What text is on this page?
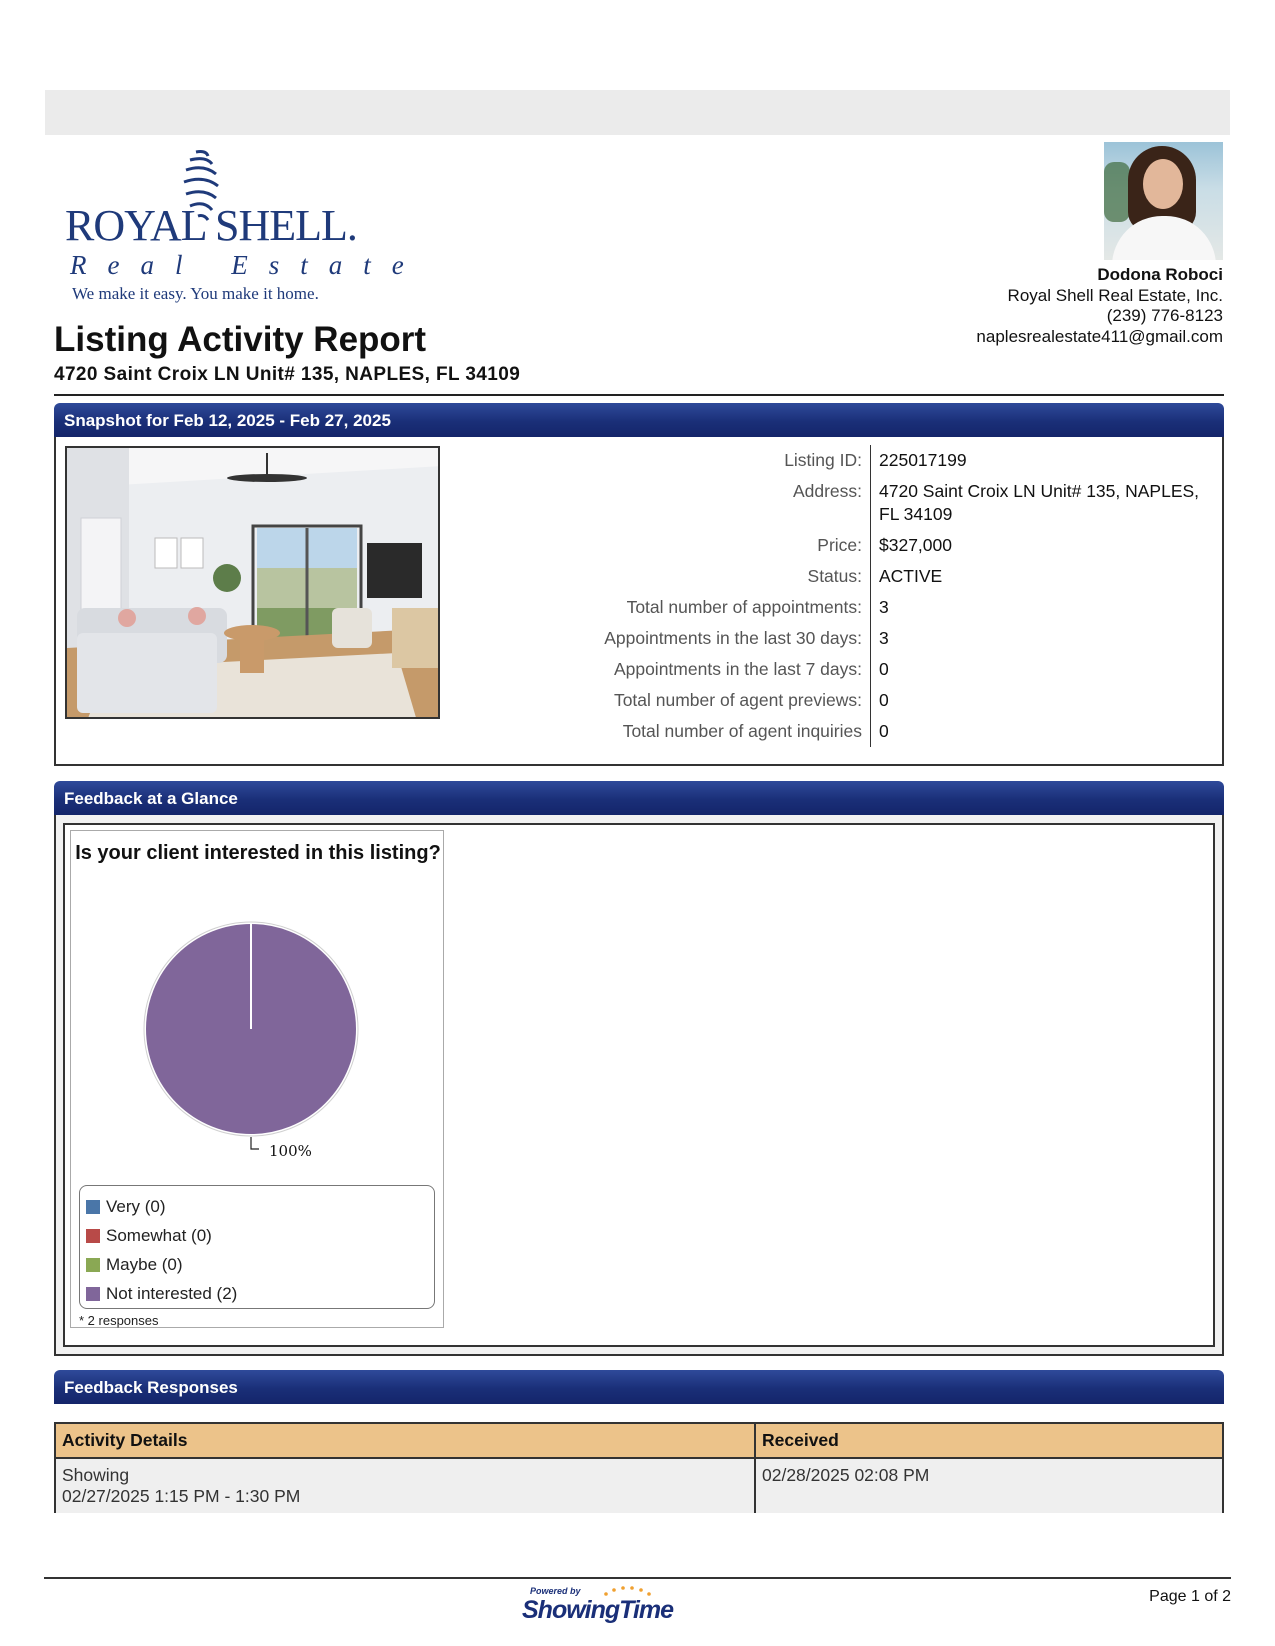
ROYAL SHELL.
Real Estate
We make it easy. You make it home.
Dodona Roboci
Royal Shell Real Estate, Inc.
(239) 776-8123
naplesrealestate411@gmail.com
Listing Activity Report
4720 Saint Croix LN Unit# 135, NAPLES, FL 34109
Snapshot for Feb 12, 2025 - Feb 27, 2025
Listing ID: 225017199
Address: 4720 Saint Croix LN Unit# 135, NAPLES, FL 34109
Price: $327,000
Status: ACTIVE
Total number of appointments: 3
Appointments in the last 30 days: 3
Appointments in the last 7 days: 0
Total number of agent previews: 0
Total number of agent inquiries 0
Feedback at a Glance
Is your client interested in this listing?
100%
Very (0)
Somewhat (0)
Maybe (0)
Not interested (2)
* 2 responses
Feedback Responses
Activity Details	Received

Showing
02/27/2025 1:15 PM - 1:30 PM	02/28/2025 02:08 PM
Powered by
ShowingTime	Page 1 of 2
